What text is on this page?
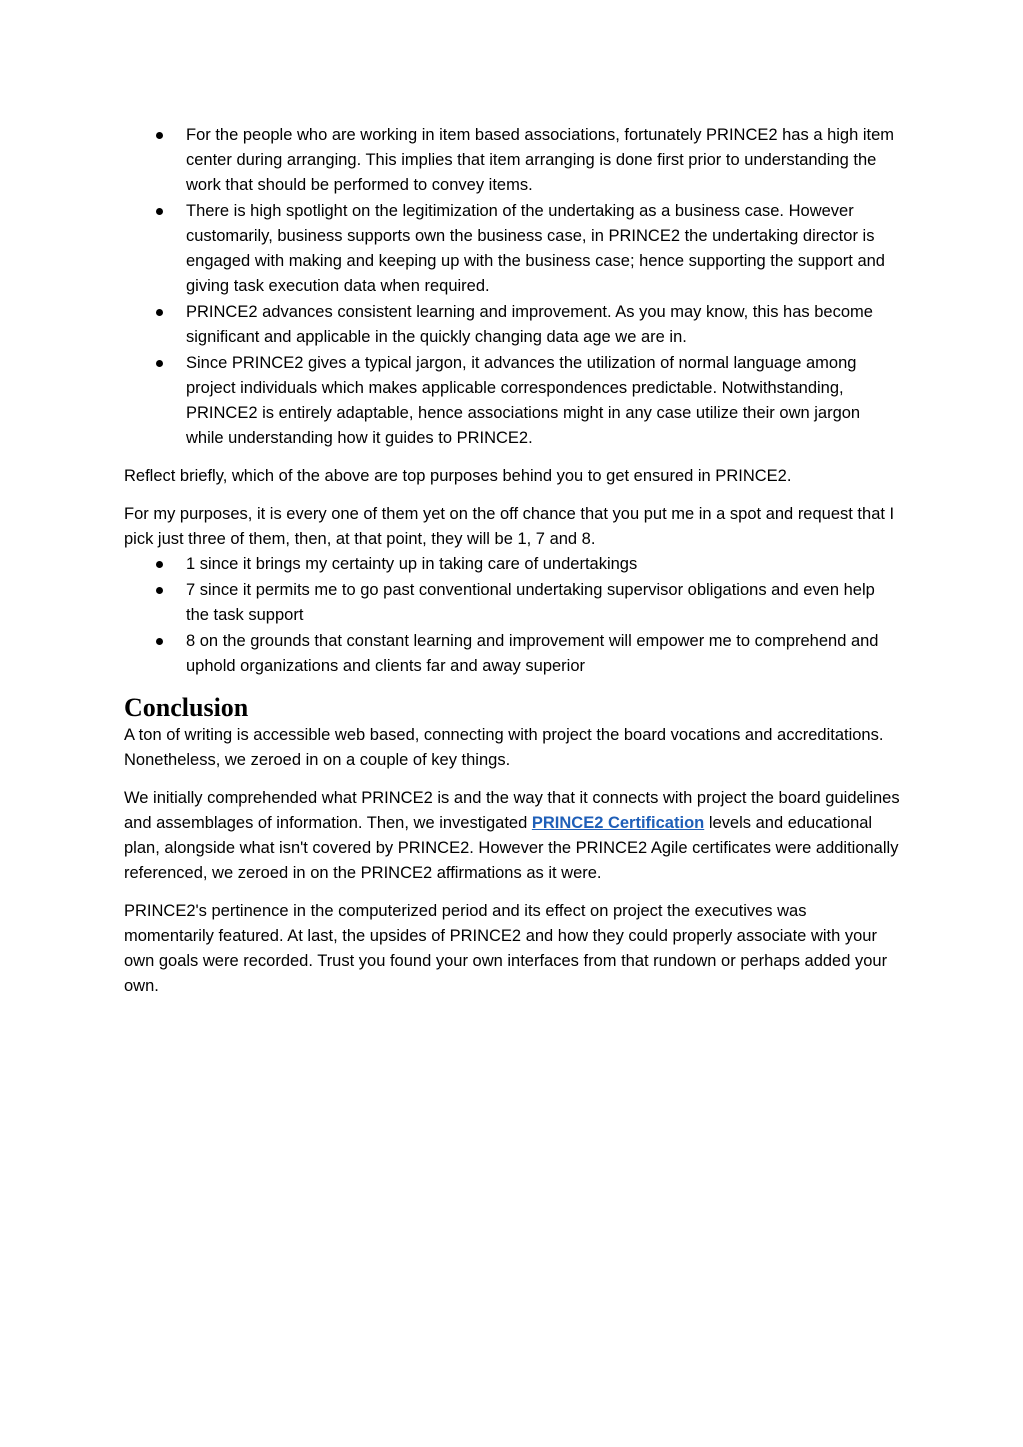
For the people who are working in item based associations, fortunately PRINCE2 has a high item center during arranging. This implies that item arranging is done first prior to understanding the work that should be performed to convey items.
There is high spotlight on the legitimization of the undertaking as a business case. However customarily, business supports own the business case, in PRINCE2 the undertaking director is engaged with making and keeping up with the business case; hence supporting the support and giving task execution data when required.
PRINCE2 advances consistent learning and improvement. As you may know, this has become significant and applicable in the quickly changing data age we are in.
Since PRINCE2 gives a typical jargon, it advances the utilization of normal language among project individuals which makes applicable correspondences predictable. Notwithstanding, PRINCE2 is entirely adaptable, hence associations might in any case utilize their own jargon while understanding how it guides to PRINCE2.

Reflect briefly, which of the above are top purposes behind you to get ensured in PRINCE2.

For my purposes, it is every one of them yet on the off chance that you put me in a spot and request that I pick just three of them, then, at that point, they will be 1, 7 and 8.

1 since it brings my certainty up in taking care of undertakings
7 since it permits me to go past conventional undertaking supervisor obligations and even help the task support
8 on the grounds that constant learning and improvement will empower me to comprehend and uphold organizations and clients far and away superior
Conclusion

A ton of writing is accessible web based, connecting with project the board vocations and accreditations. Nonetheless, we zeroed in on a couple of key things.

We initially comprehended what PRINCE2 is and the way that it connects with project the board guidelines and assemblages of information. Then, we investigated PRINCE2 Certification levels and educational plan, alongside what isn't covered by PRINCE2. However the PRINCE2 Agile certificates were additionally referenced, we zeroed in on the PRINCE2 affirmations as it were.

PRINCE2's pertinence in the computerized period and its effect on project the executives was momentarily featured. At last, the upsides of PRINCE2 and how they could properly associate with your own goals were recorded. Trust you found your own interfaces from that rundown or perhaps added your own.
